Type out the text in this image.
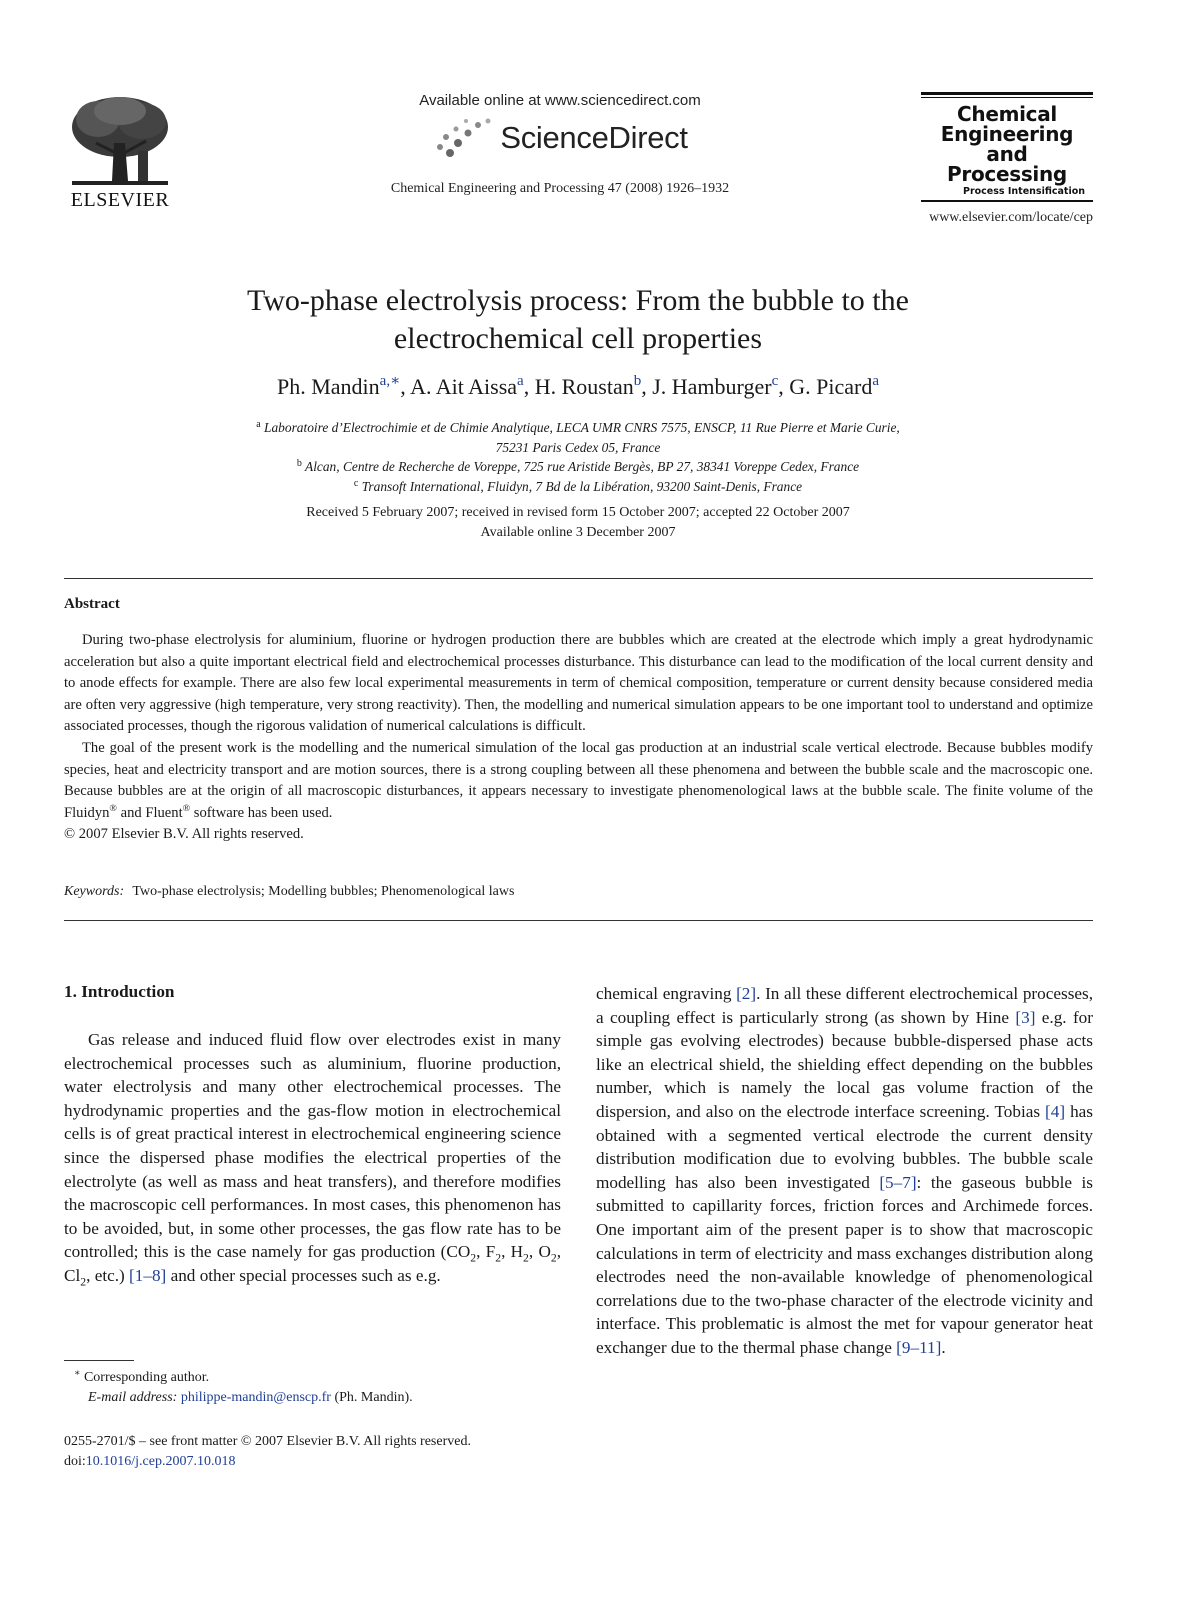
ELSEVIER
Available online at www.sciencedirect.com
ScienceDirect
Chemical Engineering and Processing 47 (2008) 1926–1932
Chemical
Engineering
and
Processing
Process Intensification
www.elsevier.com/locate/cep
Two-phase electrolysis process: From the bubble to the
electrochemical cell properties
Ph. Mandin$^{a,∗}$, A. Ait Aissa$^a$, H. Roustan$^b$, J. Hamburger$^c$, G. Picard$^a$
$^a$ Laboratoire d’Electrochimie et de Chimie Analytique, LECA UMR CNRS 7575, ENSCP, 11 Rue Pierre et Marie Curie,
75231 Paris Cedex 05, France
$^b$ Alcan, Centre de Recherche de Voreppe, 725 rue Aristide Bergès, BP 27, 38341 Voreppe Cedex, France
$^c$ Transoft International, Fluidyn, 7 Bd de la Libération, 93200 Saint-Denis, France
Received 5 February 2007; received in revised form 15 October 2007; accepted 22 October 2007
Available online 3 December 2007
Abstract

During two-phase electrolysis for aluminium, fluorine or hydrogen production there are bubbles which are created at the electrode which imply a great hydrodynamic acceleration but also a quite important electrical field and electrochemical processes disturbance. This disturbance can lead to the modification of the local current density and to anode effects for example. There are also few local experimental measurements in term of chemical composition, temperature or current density because considered media are often very aggressive (high temperature, very strong reactivity). Then, the modelling and numerical simulation appears to be one important tool to understand and optimize associated processes, though the rigorous validation of numerical calculations is difficult.

The goal of the present work is the modelling and the numerical simulation of the local gas production at an industrial scale vertical electrode. Because bubbles modify species, heat and electricity transport and are motion sources, there is a strong coupling between all these phenomena and between the bubble scale and the macroscopic one. Because bubbles are at the origin of all macroscopic disturbances, it appears necessary to investigate phenomenological laws at the bubble scale. The finite volume of the Fluidyn® and Fluent® software has been used.

© 2007 Elsevier B.V. All rights reserved.

Keywords: Two-phase electrolysis; Modelling bubbles; Phenomenological laws
1. Introduction

Gas release and induced fluid flow over electrodes exist in many electrochemical processes such as aluminium, fluorine production, water electrolysis and many other electrochemical processes. The hydrodynamic properties and the gas-flow motion in electrochemical cells is of great practical interest in electrochemical engineering science since the dispersed phase modifies the electrical properties of the electrolyte (as well as mass and heat transfers), and therefore modifies the macroscopic cell performances. In most cases, this phenomenon has to be avoided, but, in some other processes, the gas flow rate has to be controlled; this is the case namely for gas production ($CO_2$, $F_2$, $H_2$, $O_2$, $Cl_2$, etc.) [1–8] and other special processes such as e.g.

chemical engraving [2]. In all these different electrochemical processes, a coupling effect is particularly strong (as shown by Hine [3] e.g. for simple gas evolving electrodes) because bubble-dispersed phase acts like an electrical shield, the shielding effect depending on the bubbles number, which is namely the local gas volume fraction of the dispersion, and also on the electrode interface screening. Tobias [4] has obtained with a segmented vertical electrode the current density distribution modification due to evolving bubbles. The bubble scale modelling has also been investigated [5–7]: the gaseous bubble is submitted to capillarity forces, friction forces and Archimede forces. One important aim of the present paper is to show that macroscopic calculations in term of electricity and mass exchanges distribution along electrodes need the non-available knowledge of phenomenological correlations due to the two-phase character of the electrode vicinity and interface. This problematic is almost the met for vapour generator heat exchanger due to the thermal phase change [9–11].

∗ Corresponding author.
E-mail address: philippe-mandin@enscp.fr (Ph. Mandin).
0255-2701/$ – see front matter © 2007 Elsevier B.V. All rights reserved.
doi:10.1016/j.cep.2007.10.018
